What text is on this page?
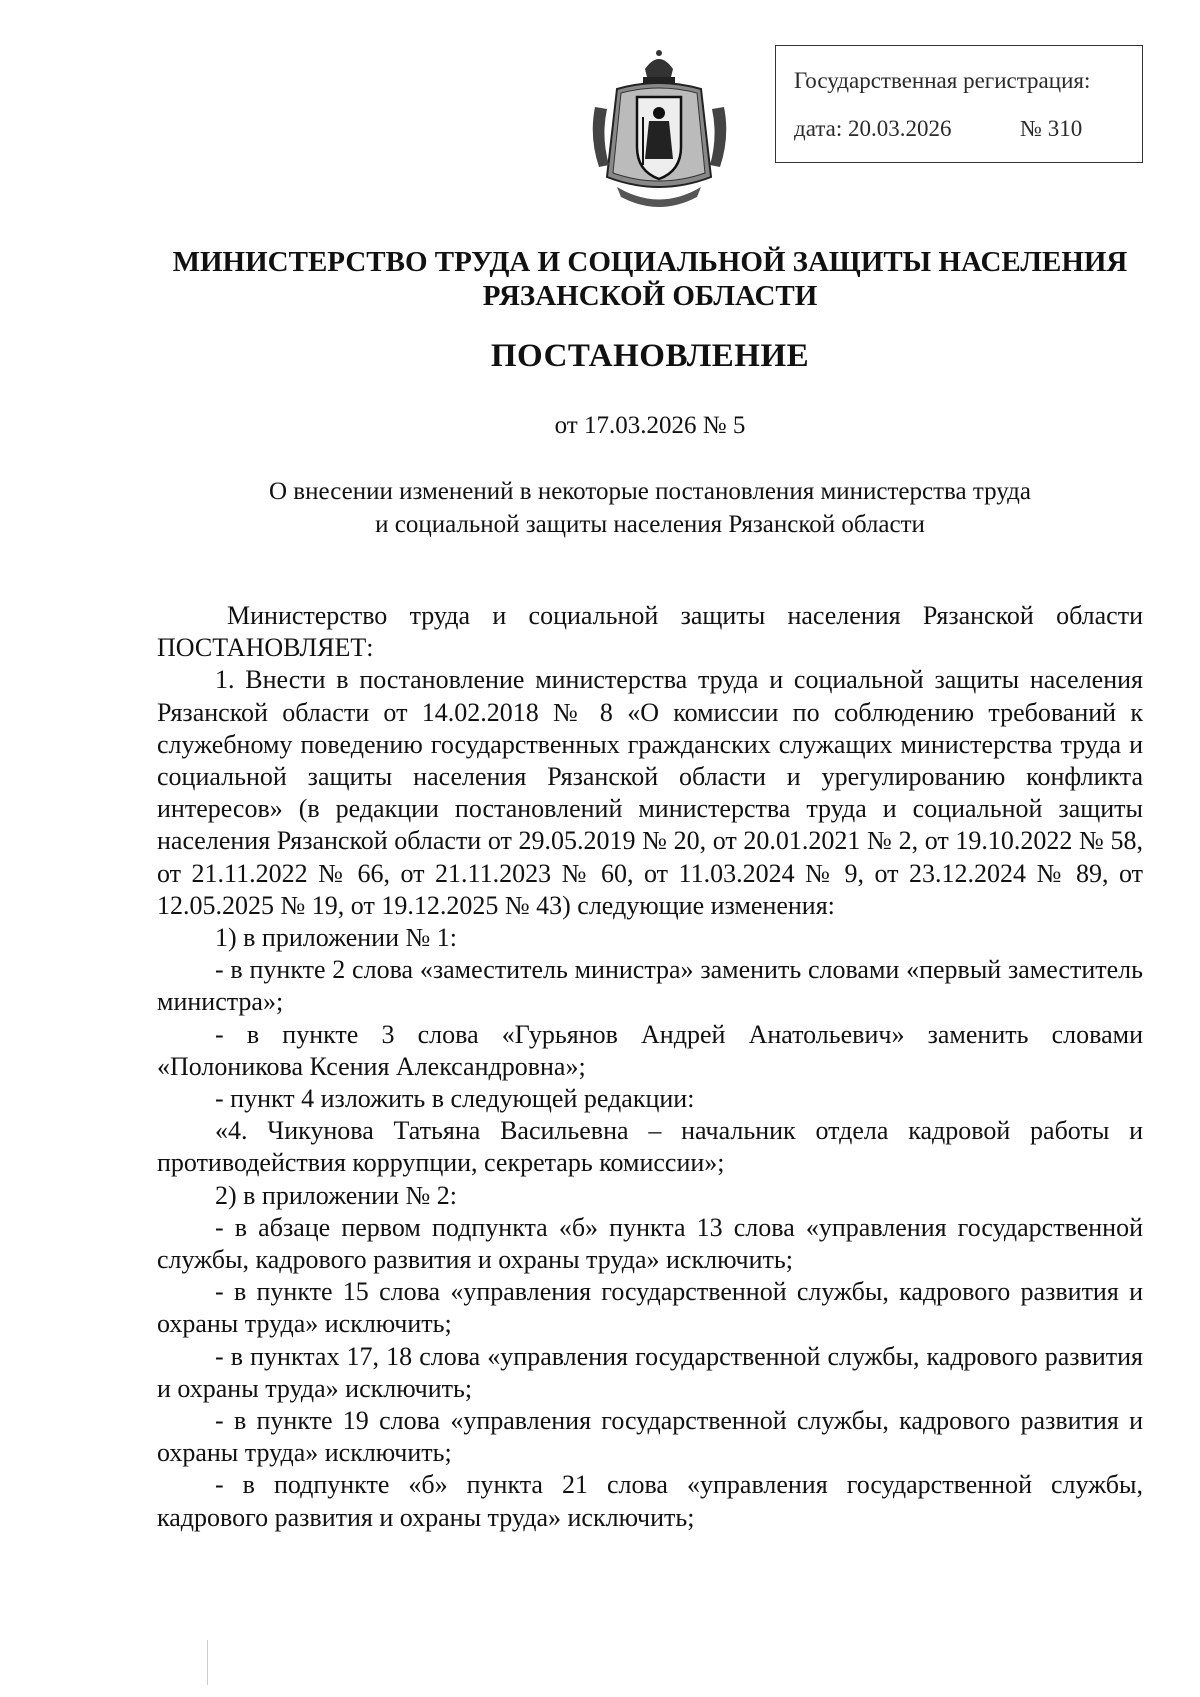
Государственная регистрация:
дата: 20.03.2026	№ 310
МИНИСТЕРСТВО ТРУДА И СОЦИАЛЬНОЙ ЗАЩИТЫ НАСЕЛЕНИЯ
РЯЗАНСКОЙ ОБЛАСТИ
ПОСТАНОВЛЕНИЕ
от 17.03.2026 № 5
О внесении изменений в некоторые постановления министерства труда
и социальной защиты населения Рязанской области

Министерство труда и социальной защиты населения Рязанской области ПОСТАНОВЛЯЕТ:

1. Внести в постановление министерства труда и социальной защиты населения Рязанской области от 14.02.2018 № 8 «О комиссии по соблюдению требований к служебному поведению государственных гражданских служащих министерства труда и социальной защиты населения Рязанской области и урегулированию конфликта интересов» (в редакции постановлений министерства труда и социальной защиты населения Рязанской области от 29.05.2019 № 20, от 20.01.2021 № 2, от 19.10.2022 № 58, от 21.11.2022 № 66, от 21.11.2023 № 60, от 11.03.2024 № 9, от 23.12.2024 № 89, от 12.05.2025 № 19, от 19.12.2025 № 43) следующие изменения:

1) в приложении № 1:

- в пункте 2 слова «заместитель министра» заменить словами «первый заместитель министра»;

- в пункте 3 слова «Гурьянов Андрей Анатольевич» заменить словами «Полоникова Ксения Александровна»;

- пункт 4 изложить в следующей редакции:

«4. Чикунова Татьяна Васильевна – начальник отдела кадровой работы и противодействия коррупции, секретарь комиссии»;

2) в приложении № 2:

- в абзаце первом подпункта «б» пункта 13 слова «управления государственной службы, кадрового развития и охраны труда» исключить;

- в пункте 15 слова «управления государственной службы, кадрового развития и охраны труда» исключить;

- в пунктах 17, 18 слова «управления государственной службы, кадрового развития и охраны труда» исключить;

- в пункте 19 слова «управления государственной службы, кадрового развития и охраны труда» исключить;

- в подпункте «б» пункта 21 слова «управления государственной службы, кадрового развития и охраны труда» исключить;
